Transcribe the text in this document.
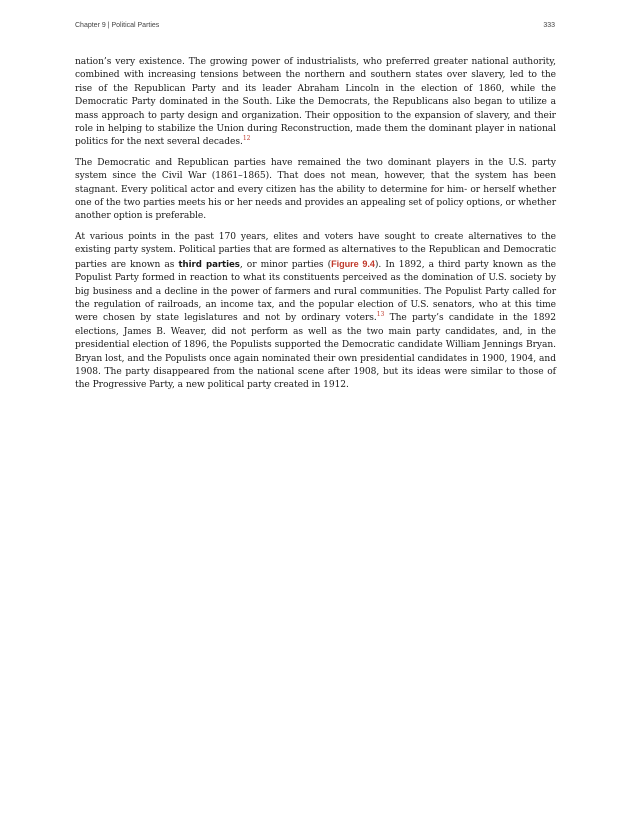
Chapter 9 | Political Parties	333

nation’s very existence. The growing power of industrialists, who preferred greater national authority, combined with increasing tensions between the northern and southern states over slavery, led to the rise of the Republican Party and its leader Abraham Lincoln in the election of 1860, while the Democratic Party dominated in the South. Like the Democrats, the Republicans also began to utilize a mass approach to party design and organization. Their opposition to the expansion of slavery, and their role in helping to stabilize the Union during Reconstruction, made them the dominant player in national politics for the next several decades.$^{12}$

The Democratic and Republican parties have remained the two dominant players in the U.S. party system since the Civil War (1861–1865). That does not mean, however, that the system has been stagnant. Every political actor and every citizen has the ability to determine for him- or herself whether one of the two parties meets his or her needs and provides an appealing set of policy options, or whether another option is preferable.

At various points in the past 170 years, elites and voters have sought to create alternatives to the existing party system. Political parties that are formed as alternatives to the Republican and Democratic parties are known as third parties, or minor parties (Figure 9.4). In 1892, a third party known as the Populist Party formed in reaction to what its constituents perceived as the domination of U.S. society by big business and a decline in the power of farmers and rural communities. The Populist Party called for the regulation of railroads, an income tax, and the popular election of U.S. senators, who at this time were chosen by state legislatures and not by ordinary voters.$^{13}$ The party’s candidate in the 1892 elections, James B. Weaver, did not perform as well as the two main party candidates, and, in the presidential election of 1896, the Populists supported the Democratic candidate William Jennings Bryan. Bryan lost, and the Populists once again nominated their own presidential candidates in 1900, 1904, and 1908. The party disappeared from the national scene after 1908, but its ideas were similar to those of the Progressive Party, a new political party created in 1912.
